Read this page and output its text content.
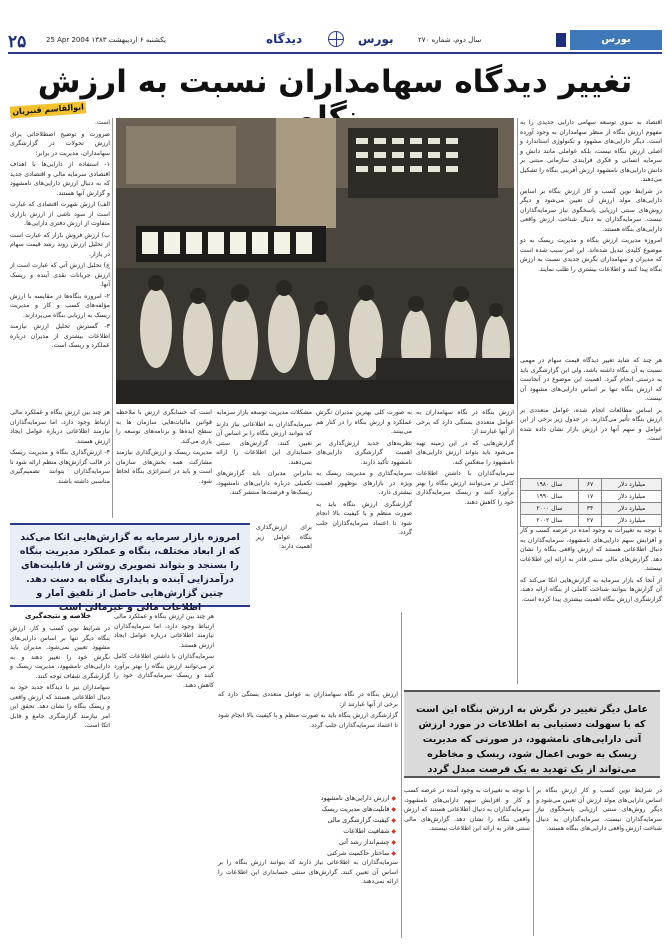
۲۵	25 Apr 2004 یکشنبه ۶ اردیبهشت ۱۳۸۳	دیدگاه	بورس	سال دوم، شماره ۲۷۰	بورس
تغییر دیدگاه سهامداران نسبت به ارزش
ابوالقاسم قنبریان

است.

ضرورت و توضیح اصطلاحاتی برای ارزش تحولات در گزارشگری سهامداران، مدیریت در برابر:

۱- استفاده از دارایی‌ها با اهداف اقتصادی سرمایه مالی و اقتصادی جدید که به دنبال ارزش دارایی‌های نامشهود و گزارش آنها هستند.

الف) ارزش شهرت اقتصادی که عبارت است از سود ناشی از ارزش بازاری متفاوت از ارزش دفتری دارایی‌ها.

ب) ارزش فروش بازار که عبارت است از تحلیل ارزش روند رشد قیمت سهام در بازار.

ج) تحلیل ارزش آتی که عبارت است از ارزش جریانات نقدی آینده و ریسک آنها.

۲- امروزه بنگاه‌ها در مقایسه با ارزش مؤلفه‌های کسب و کار و مدیریت ریسک به ارزیابی بنگاه می‌پردازند.

۳- گسترش تحلیل ارزش نیازمند اطلاعات بیشتری از مدیران درباره عملکرد و ریسک است.

اقتصاد به سوی توسعه سهامی دارایی جدیدی را به مفهوم ارزش بنگاه از منظر سهامداران به وجود آورده است. دیگر دارایی‌های مشهود و تکنولوژی استاندارد و اصلی ارزش بنگاه نیست، بلکه عواملی مانند دانش و سرمایه انسانی و فکری فرایندی سازمانی مبتنی بر دانش دارایی‌های نامشهود ارزش آفرینی بنگاه را تشکیل می‌دهند.

در شرایط نوین کسب و کار ارزش بنگاه بر اساس دارایی‌های مولد ارزش آن تعیین می‌شود و دیگر روش‌های سنتی ارزیابی پاسخگوی نیاز سرمایه‌گذاران نیست. سرمایه‌گذاران به دنبال شناخت ارزش واقعی دارایی‌های بنگاه هستند.

امروزه مدیریت ارزش بنگاه و مدیریت ریسک به دو موضوع کلیدی تبدیل شده‌اند. این امر سبب شده است که مدیران و سهامداران نگرش جدیدی نسبت به ارزش بنگاه پیدا کنند و اطلاعات بیشتری را طلب نمایند.

هر چند که شاید تغییر دیدگاه قیمت سهام در مهمی نسبت به آن بنگاه داشته باشد، ولی این گزارشگری باید به درستی انجام گیرد. اهمیت این موضوع در آنجاست که ارزش بنگاه تنها بر اساس دارایی‌های مشهود آن نیست.

بر اساس مطالعات انجام شده، عوامل متعددی بر ارزش بنگاه تأثیر می‌گذارند. در جدول زیر برخی از این عوامل و سهم آنها در ارزش بازار نشان داده شده است.

سال ۱۹۸۰	۶۷	میلیارد دلار
سال ۱۹۹۰	۱۷	میلیارد دلار
سال ۲۰۰۰	۳۴	میلیارد دلار
سال ۲۰۰۲	۲۷	میلیارد دلار

با توجه به تغییرات به وجود آمده در عرصه کسب و کار و افزایش سهم دارایی‌های نامشهود، سرمایه‌گذاران به دنبال اطلاعاتی هستند که ارزش واقعی بنگاه را نشان دهد. گزارش‌های مالی سنتی قادر به ارائه این اطلاعات نیستند.

از آنجا که بازار سرمایه به گزارش‌هایی اتکا می‌کند که آن گزارش‌ها بتوانند شناخت کاملی از بنگاه ارائه دهند، گزارشگری ارزش بنگاه اهمیت بیشتری پیدا کرده است.

است که حسابگری ارزش با ملاحظه قوانین مالیات‌هایی سازمان ها به سطح ایده‌ها و برنامه‌های توسعه را یاری می‌کند.

مدیریت ریسک و ارزش‌گذاری نیازمند مشارکت همه بخش‌های سازمان است و باید در استراتژی بنگاه لحاظ شود.

مشکلات مدیریت توسعه بازار سرمایه

سرمایه‌گذاران به اطلاعاتی نیاز دارند که بتوانند ارزش بنگاه را بر اساس آن تعیین کنند. گزارش‌های سنتی حسابداری این اطلاعات را ارائه نمی‌دهند.

بنابراین مدیران باید گزارش‌های تکمیلی درباره دارایی‌های نامشهود، ریسک‌ها و فرصت‌ها منتشر کنند.

به صورت کلی بهترین مدیران نگرش عملکرد و ارزش بنگاه را در کنار هم می‌بینند.

نظریه‌های جدید ارزش‌گذاری بر اهمیت گزارشگری دارایی‌های نامشهود تأکید دارند.

سرمایه‌گذاری و مدیریت ریسک به ویژه در بازارهای نوظهور اهمیت بیشتری دارد.

گزارشگری ارزش بنگاه باید به صورت منظم و با کیفیت بالا انجام شود تا اعتماد سرمایه‌گذاران جلب گردد.

ارزش بنگاه در نگاه سهامداران به عوامل متعددی بستگی دارد که برخی از آنها عبارتند از:

گزارش‌هایی که در این زمینه تهیه می‌شود باید بتواند ارزش دارایی‌های نامشهود را منعکس کند.

سرمایه‌گذاران با داشتن اطلاعات کامل تر می‌توانند ارزش بنگاه را بهتر برآورد کنند و ریسک سرمایه‌گذاری خود را کاهش دهند.

هر چند بین ارزش بنگاه و عملکرد مالی ارتباط وجود دارد، اما سرمایه‌گذاران نیازمند اطلاعاتی درباره عوامل ایجاد ارزش هستند.

۴- ارزش‌گذاری بنگاه و مدیریت ریسک در قالب گزارش‌های منظم ارائه شود تا سرمایه‌گذاران بتوانند تصمیم‌گیری مناسبی داشته باشند.

امروزه بازار سرمایه به گزارش‌هایی اتکا می‌کند که از ابعاد مختلف، بنگاه و عملکرد مدیریت بنگاه را بسنجد و بتواند تصویری روشن از قابلیت‌های درآمدزایی آینده و پایداری بنگاه به دست دهد. چنین گزارش‌هایی حاصل از تلفیق آمار و اطلاعات مالی و غیرمالی است

برای ارزش‌گذاری بنگاه عوامل زیر اهمیت دارند:

خلاصه و نتیجه‌گیری

در شرایط نوین کسب و کار، ارزش بنگاه دیگر تنها بر اساس دارایی‌های مشهود تعیین نمی‌شود. مدیران باید نگرش خود را تغییر دهند و به دارایی‌های نامشهود، مدیریت ریسک و گزارشگری شفاف توجه کنند.

سهامداران نیز با دیدگاه جدید خود به دنبال اطلاعاتی هستند که ارزش واقعی و ریسک بنگاه را نشان دهد. تحقق این امر نیازمند گزارشگری جامع و قابل اتکا است.

هر چند بین ارزش بنگاه و عملکرد مالی ارتباط وجود دارد، اما سرمایه‌گذاران نیازمند اطلاعاتی درباره عوامل ایجاد ارزش هستند.

سرمایه‌گذاران با داشتن اطلاعات کامل تر می‌توانند ارزش بنگاه را بهتر برآورد کنند و ریسک سرمایه‌گذاری خود را کاهش دهند.

◆ ارزش دارایی‌های نامشهود
◆ قابلیت‌های مدیریت ریسک
◆ کیفیت گزارشگری مالی
◆ شفافیت اطلاعات
◆ چشم‌انداز رشد آتی
◆ ساختار حاکمیت شرکتی

ارزش بنگاه در نگاه سهامداران به عوامل متعددی بستگی دارد که برخی از آنها عبارتند از:

گزارشگری ارزش بنگاه باید به صورت منظم و با کیفیت بالا انجام شود تا اعتماد سرمایه‌گذاران جلب گردد.

سرمایه‌گذاران به اطلاعاتی نیاز دارند که بتوانند ارزش بنگاه را بر اساس آن تعیین کنند. گزارش‌های سنتی حسابداری این اطلاعات را ارائه نمی‌دهند.

عامل دیگر تغییر در نگرش به ارزش بنگاه این است که با سهولت دستیابی به اطلاعات در مورد ارزش آتی دارایی‌های نامشهود، در صورتی که مدیریت ریسک به خوبی اعمال شود، ریسک و مخاطره می‌تواند از یک تهدید به یک فرصت مبدل گردد

در شرایط نوین کسب و کار ارزش بنگاه بر اساس دارایی‌های مولد ارزش آن تعیین می‌شود و دیگر روش‌های سنتی ارزیابی پاسخگوی نیاز سرمایه‌گذاران نیست. سرمایه‌گذاران به دنبال شناخت ارزش واقعی دارایی‌های بنگاه هستند.

با توجه به تغییرات به وجود آمده در عرصه کسب و کار و افزایش سهم دارایی‌های نامشهود، سرمایه‌گذاران به دنبال اطلاعاتی هستند که ارزش واقعی بنگاه را نشان دهد. گزارش‌های مالی سنتی قادر به ارائه این اطلاعات نیستند.
